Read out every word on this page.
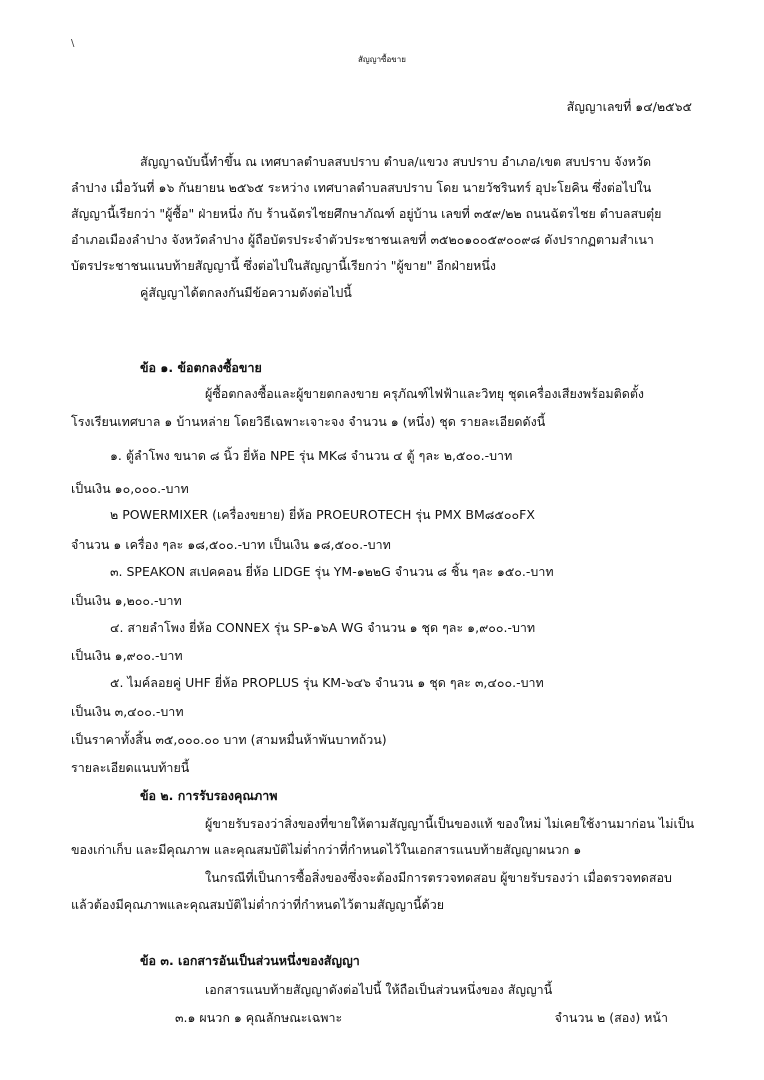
\
สัญญาซื้อขาย
สัญญาเลขที่ ๑๔/๒๕๖๕
สัญญาฉบับนี้ทำขึ้น ณ เทศบาลตำบลสบปราบ ตำบล/แขวง สบปราบ อำเภอ/เขต สบปราบ จังหวัด
ลำปาง เมื่อวันที่ ๑๖ กันยายน ๒๕๖๕ ระหว่าง เทศบาลตำบลสบปราบ โดย นายวัชรินทร์ อุปะโยคิน ซึ่งต่อไปใน
สัญญานี้เรียกว่า "ผู้ซื้อ" ฝ่ายหนึ่ง กับ ร้านฉัตรไชยศึกษาภัณฑ์ อยู่บ้าน เลขที่ ๓๕๙/๒๒ ถนนฉัตรไชย ตำบลสบตุ๋ย
อำเภอเมืองลำปาง จังหวัดลำปาง ผู้ถือบัตรประจำตัวประชาชนเลขที่ ๓๕๒๐๑๐๐๕๙๐๐๙๘ ดังปรากฏตามสำเนา
บัตรประชาชนแนบท้ายสัญญานี้ ซึ่งต่อไปในสัญญานี้เรียกว่า "ผู้ขาย" อีกฝ่ายหนึ่ง
คู่สัญญาได้ตกลงกันมีข้อความดังต่อไปนี้
ข้อ ๑. ข้อตกลงซื้อขาย
ผู้ซื้อตกลงซื้อและผู้ขายตกลงขาย ครุภัณฑ์ไฟฟ้าและวิทยุ ชุดเครื่องเสียงพร้อมติดตั้ง
โรงเรียนเทศบาล ๑ บ้านหล่าย โดยวิธีเฉพาะเจาะจง จำนวน ๑ (หนึ่ง) ชุด รายละเอียดดังนี้
๑. ตู้ลำโพง ขนาด ๘ นิ้ว ยี่ห้อ NPE รุ่น MK๘ จำนวน ๔ ตู้ ๆละ ๒,๕๐๐.-บาท
เป็นเงิน ๑๐,๐๐๐.-บาท
๒ POWERMIXER (เครื่องขยาย) ยี่ห้อ PROEUROTECH รุ่น PMX BM๘๕๐๐FX
จำนวน ๑ เครื่อง ๆละ ๑๘,๕๐๐.-บาท เป็นเงิน ๑๘,๕๐๐.-บาท
๓. SPEAKON สเปคคอน ยี่ห้อ LIDGE รุ่น YM-๑๒๒G จำนวน ๘ ชิ้น ๆละ ๑๕๐.-บาท
เป็นเงิน ๑,๒๐๐.-บาท
๔. สายลำโพง ยี่ห้อ CONNEX รุ่น SP-๑๖A WG จำนวน ๑ ชุด ๆละ ๑,๙๐๐.-บาท
เป็นเงิน ๑,๙๐๐.-บาท
๕. ไมค์ลอยคู่ UHF ยี่ห้อ PROPLUS รุ่น KM-๖๔๖ จำนวน ๑ ชุด ๆละ ๓,๔๐๐.-บาท
เป็นเงิน ๓,๔๐๐.-บาท
เป็นราคาทั้งสิ้น ๓๕,๐๐๐.๐๐ บาท (สามหมื่นห้าพันบาทถ้วน)
รายละเอียดแนบท้ายนี้
ข้อ ๒. การรับรองคุณภาพ
ผู้ขายรับรองว่าสิ่งของที่ขายให้ตามสัญญานี้เป็นของแท้ ของใหม่ ไม่เคยใช้งานมาก่อน ไม่เป็น
ของเก่าเก็บ และมีคุณภาพ และคุณสมบัติไม่ต่ำกว่าที่กำหนดไว้ในเอกสารแนบท้ายสัญญาผนวก ๑
ในกรณีที่เป็นการซื้อสิ่งของซึ่งจะต้องมีการตรวจทดสอบ ผู้ขายรับรองว่า เมื่อตรวจทดสอบ
แล้วต้องมีคุณภาพและคุณสมบัติไม่ต่ำกว่าที่กำหนดไว้ตามสัญญานี้ด้วย
ข้อ ๓. เอกสารอันเป็นส่วนหนึ่งของสัญญา
เอกสารแนบท้ายสัญญาดังต่อไปนี้ ให้ถือเป็นส่วนหนึ่งของ สัญญานี้
๓.๑ ผนวก ๑ คุณลักษณะเฉพาะ	จำนวน ๒ (สอง) หน้า
